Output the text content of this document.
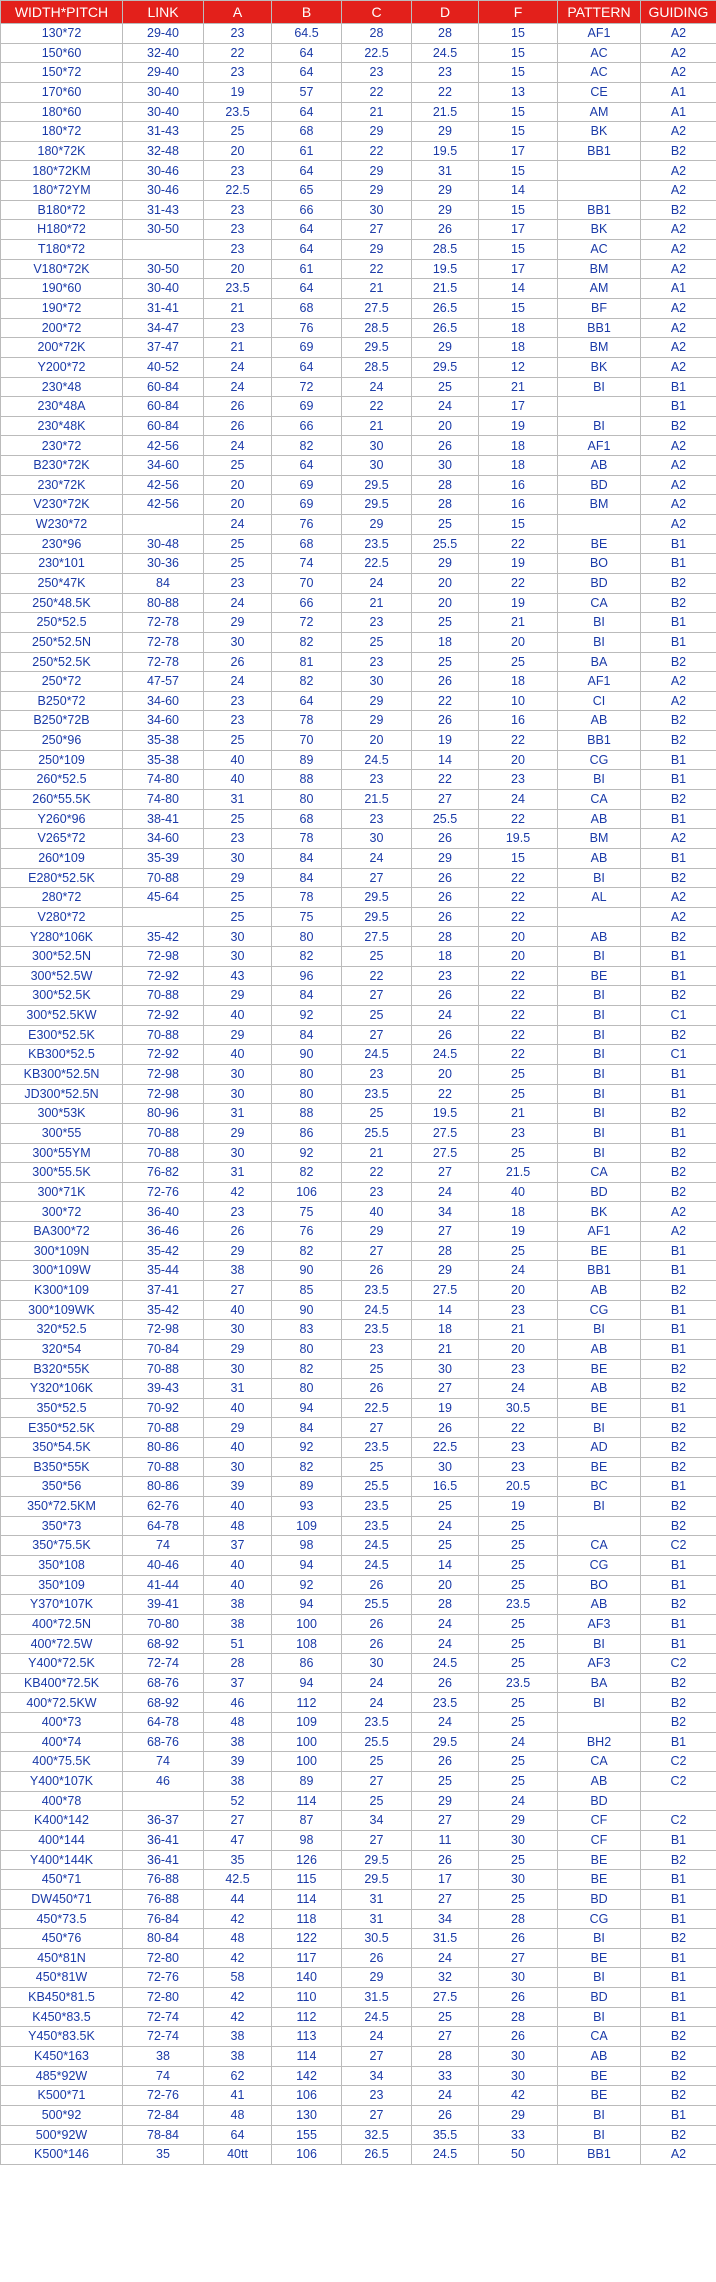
WIDTH*PITCH	LINK	A	B	C	D	F	PATTERN	GUIDING
130*72	29-40	23	64.5	28	28	15	AF1	A2
150*60	32-40	22	64	22.5	24.5	15	AC	A2
150*72	29-40	23	64	23	23	15	AC	A2
170*60	30-40	19	57	22	22	13	CE	A1
180*60	30-40	23.5	64	21	21.5	15	AM	A1
180*72	31-43	25	68	29	29	15	BK	A2
180*72K	32-48	20	61	22	19.5	17	BB1	B2
180*72KM	30-46	23	64	29	31	15		A2
180*72YM	30-46	22.5	65	29	29	14		A2
B180*72	31-43	23	66	30	29	15	BB1	B2
H180*72	30-50	23	64	27	26	17	BK	A2
T180*72		23	64	29	28.5	15	AC	A2
V180*72K	30-50	20	61	22	19.5	17	BM	A2
190*60	30-40	23.5	64	21	21.5	14	AM	A1
190*72	31-41	21	68	27.5	26.5	15	BF	A2
200*72	34-47	23	76	28.5	26.5	18	BB1	A2
200*72K	37-47	21	69	29.5	29	18	BM	A2
Y200*72	40-52	24	64	28.5	29.5	12	BK	A2
230*48	60-84	24	72	24	25	21	BI	B1
230*48A	60-84	26	69	22	24	17		B1
230*48K	60-84	26	66	21	20	19	BI	B2
230*72	42-56	24	82	30	26	18	AF1	A2
B230*72K	34-60	25	64	30	30	18	AB	A2
230*72K	42-56	20	69	29.5	28	16	BD	A2
V230*72K	42-56	20	69	29.5	28	16	BM	A2
W230*72		24	76	29	25	15		A2
230*96	30-48	25	68	23.5	25.5	22	BE	B1
230*101	30-36	25	74	22.5	29	19	BO	B1
250*47K	84	23	70	24	20	22	BD	B2
250*48.5K	80-88	24	66	21	20	19	CA	B2
250*52.5	72-78	29	72	23	25	21	BI	B1
250*52.5N	72-78	30	82	25	18	20	BI	B1
250*52.5K	72-78	26	81	23	25	25	BA	B2
250*72	47-57	24	82	30	26	18	AF1	A2
B250*72	34-60	23	64	29	22	10	CI	A2
B250*72B	34-60	23	78	29	26	16	AB	B2
250*96	35-38	25	70	20	19	22	BB1	B2
250*109	35-38	40	89	24.5	14	20	CG	B1
260*52.5	74-80	40	88	23	22	23	BI	B1
260*55.5K	74-80	31	80	21.5	27	24	CA	B2
Y260*96	38-41	25	68	23	25.5	22	AB	B1
V265*72	34-60	23	78	30	26	19.5	BM	A2
260*109	35-39	30	84	24	29	15	AB	B1
E280*52.5K	70-88	29	84	27	26	22	BI	B2
280*72	45-64	25	78	29.5	26	22	AL	A2
V280*72		25	75	29.5	26	22		A2
Y280*106K	35-42	30	80	27.5	28	20	AB	B2
300*52.5N	72-98	30	82	25	18	20	BI	B1
300*52.5W	72-92	43	96	22	23	22	BE	B1
300*52.5K	70-88	29	84	27	26	22	BI	B2
300*52.5KW	72-92	40	92	25	24	22	BI	C1
E300*52.5K	70-88	29	84	27	26	22	BI	B2
KB300*52.5	72-92	40	90	24.5	24.5	22	BI	C1
KB300*52.5N	72-98	30	80	23	20	25	BI	B1
JD300*52.5N	72-98	30	80	23.5	22	25	BI	B1
300*53K	80-96	31	88	25	19.5	21	BI	B2
300*55	70-88	29	86	25.5	27.5	23	BI	B1
300*55YM	70-88	30	92	21	27.5	25	BI	B2
300*55.5K	76-82	31	82	22	27	21.5	CA	B2
300*71K	72-76	42	106	23	24	40	BD	B2
300*72	36-40	23	75	40	34	18	BK	A2
BA300*72	36-46	26	76	29	27	19	AF1	A2
300*109N	35-42	29	82	27	28	25	BE	B1
300*109W	35-44	38	90	26	29	24	BB1	B1
K300*109	37-41	27	85	23.5	27.5	20	AB	B2
300*109WK	35-42	40	90	24.5	14	23	CG	B1
320*52.5	72-98	30	83	23.5	18	21	BI	B1
320*54	70-84	29	80	23	21	20	AB	B1
B320*55K	70-88	30	82	25	30	23	BE	B2
Y320*106K	39-43	31	80	26	27	24	AB	B2
350*52.5	70-92	40	94	22.5	19	30.5	BE	B1
E350*52.5K	70-88	29	84	27	26	22	BI	B2
350*54.5K	80-86	40	92	23.5	22.5	23	AD	B2
B350*55K	70-88	30	82	25	30	23	BE	B2
350*56	80-86	39	89	25.5	16.5	20.5	BC	B1
350*72.5KM	62-76	40	93	23.5	25	19	BI	B2
350*73	64-78	48	109	23.5	24	25		B2
350*75.5K	74	37	98	24.5	25	25	CA	C2
350*108	40-46	40	94	24.5	14	25	CG	B1
350*109	41-44	40	92	26	20	25	BO	B1
Y370*107K	39-41	38	94	25.5	28	23.5	AB	B2
400*72.5N	70-80	38	100	26	24	25	AF3	B1
400*72.5W	68-92	51	108	26	24	25	BI	B1
Y400*72.5K	72-74	28	86	30	24.5	25	AF3	C2
KB400*72.5K	68-76	37	94	24	26	23.5	BA	B2
400*72.5KW	68-92	46	112	24	23.5	25	BI	B2
400*73	64-78	48	109	23.5	24	25		B2
400*74	68-76	38	100	25.5	29.5	24	BH2	B1
400*75.5K	74	39	100	25	26	25	CA	C2
Y400*107K	46	38	89	27	25	25	AB	C2
400*78		52	114	25	29	24	BD	
K400*142	36-37	27	87	34	27	29	CF	C2
400*144	36-41	47	98	27	11	30	CF	B1
Y400*144K	36-41	35	126	29.5	26	25	BE	B2
450*71	76-88	42.5	115	29.5	17	30	BE	B1
DW450*71	76-88	44	114	31	27	25	BD	B1
450*73.5	76-84	42	118	31	34	28	CG	B1
450*76	80-84	48	122	30.5	31.5	26	BI	B2
450*81N	72-80	42	117	26	24	27	BE	B1
450*81W	72-76	58	140	29	32	30	BI	B1
KB450*81.5	72-80	42	110	31.5	27.5	26	BD	B1
K450*83.5	72-74	42	112	24.5	25	28	BI	B1
Y450*83.5K	72-74	38	113	24	27	26	CA	B2
K450*163	38	38	114	27	28	30	AB	B2
485*92W	74	62	142	34	33	30	BE	B2
K500*71	72-76	41	106	23	24	42	BE	B2
500*92	72-84	48	130	27	26	29	BI	B1
500*92W	78-84	64	155	32.5	35.5	33	BI	B2
K500*146	35	40tt	106	26.5	24.5	50	BB1	A2
